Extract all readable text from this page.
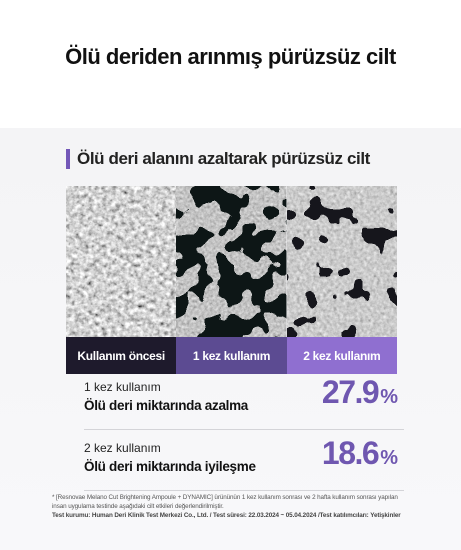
Ölü deriden arınmış pürüzsüz cilt
Ölü deri alanını azaltarak pürüzsüz cilt
Kullanım öncesi	1 kez kullanım	2 kez kullanım
1 kez kullanım
Ölü deri miktarında azalma 27.9 %
2 kez kullanım
Ölü deri miktarında iyileşme 18.6 %
* [Resnovae Melano Cut Brightening Ampoule + DYNAMIC] ürününün 1 kez kullanım sonrası ve 2 hafta kullanım sonrası yapılan
insan uygulama testinde aşağıdaki cilt etkileri değerlendirilmiştir.
Test kurumu: Human Deri Klinik Test Merkezi Co., Ltd. / Test süresi: 22.03.2024 ~ 05.04.2024 /Test katılımcıları: Yetişkinler
